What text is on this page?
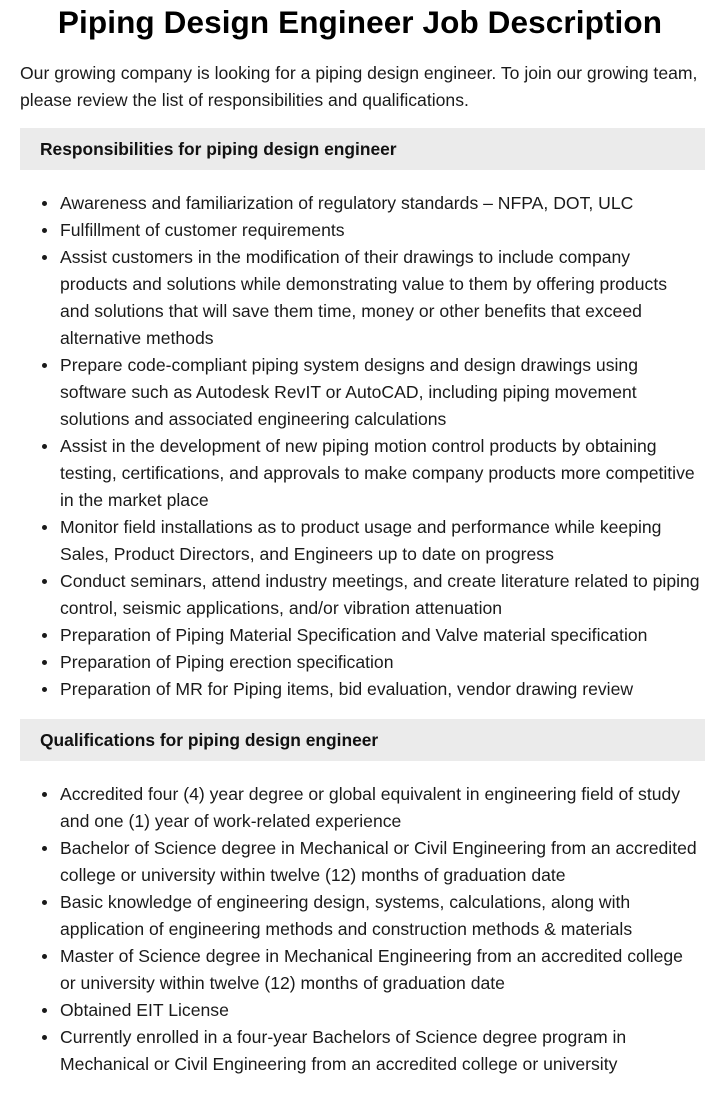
Piping Design Engineer Job Description

Our growing company is looking for a piping design engineer. To join our growing team, please review the list of responsibilities and qualifications.

Responsibilities for piping design engineer
Awareness and familiarization of regulatory standards – NFPA, DOT, ULC
Fulfillment of customer requirements
Assist customers in the modification of their drawings to include company products and solutions while demonstrating value to them by offering products and solutions that will save them time, money or other benefits that exceed alternative methods
Prepare code-compliant piping system designs and design drawings using software such as Autodesk RevIT or AutoCAD, including piping movement solutions and associated engineering calculations
Assist in the development of new piping motion control products by obtaining testing, certifications, and approvals to make company products more competitive in the market place
Monitor field installations as to product usage and performance while keeping Sales, Product Directors, and Engineers up to date on progress
Conduct seminars, attend industry meetings, and create literature related to piping control, seismic applications, and/or vibration attenuation
Preparation of Piping Material Specification and Valve material specification
Preparation of Piping erection specification
Preparation of MR for Piping items, bid evaluation, vendor drawing review
Qualifications for piping design engineer
Accredited four (4) year degree or global equivalent in engineering field of study and one (1) year of work-related experience
Bachelor of Science degree in Mechanical or Civil Engineering from an accredited college or university within twelve (12) months of graduation date
Basic knowledge of engineering design, systems, calculations, along with application of engineering methods and construction methods & materials
Master of Science degree in Mechanical Engineering from an accredited college or university within twelve (12) months of graduation date
Obtained EIT License
Currently enrolled in a four-year Bachelors of Science degree program in Mechanical or Civil Engineering from an accredited college or university
